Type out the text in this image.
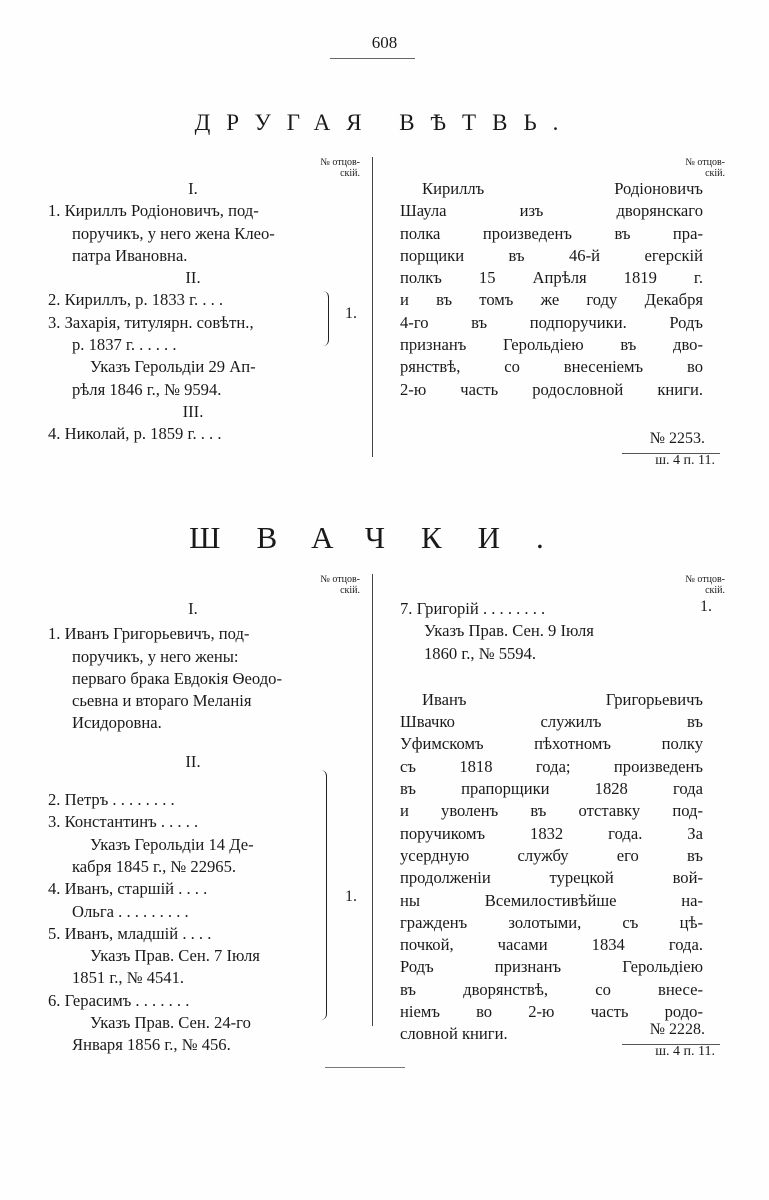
608
ДРУГАЯ ВѢТВЬ.
№ отцов-
скій.
№ отцов-
скій.
I.
1. Кириллъ Родіоновичъ, под-
поручикъ, у него жена Клео-
патра Ивановна.
II.
2. Кириллъ, р. 1833 г. . . .
3. Захарія, титулярн. совѣтн.,
р. 1837 г. . . . . .
Указъ Герольдіи 29 Ап-
рѣля 1846 г., № 9594.
III.
4. Николай, р. 1859 г. . . .
1.
Кириллъ Родіоновичъ
Шаула изъ дворянскаго
полка произведенъ въ пра-
порщики въ 46-й егерскій
полкъ 15 Апрѣля 1819 г.
и въ томъ же году Декабря
4-го въ подпоручики. Родъ
признанъ Герольдіею въ дво-
рянствѣ, со внесеніемъ во
2-ю часть родословной книги.
№ 2253.
ш. 4 п. 11.
ШВАЧКИ.
№ отцов-
скій.
№ отцов-
скій.
I.
1. Иванъ Григорьевичъ, под-
поручикъ, у него жены:
перваго брака Евдокія Ѳеодо-
сьевна и втораго Меланія
Исидоровна.
II.
2. Петръ . . . . . . . .
3. Константинъ . . . . .
Указъ Герольдіи 14 Де-
кабря 1845 г., № 22965.
4. Иванъ, старшій . . . .
Ольга . . . . . . . . .
5. Иванъ, младшій . . . .
Указъ Прав. Сен. 7 Іюля
1851 г., № 4541.
6. Герасимъ . . . . . . .
Указъ Прав. Сен. 24-го
Января 1856 г., № 456.
1.
7. Григорій . . . . . . . .
Указъ Прав. Сен. 9 Іюля
1860 г., № 5594.
Иванъ Григорьевичъ
Швачко служилъ въ
Уфимскомъ пѣхотномъ полку
съ 1818 года; произведенъ
въ прапорщики 1828 года
и уволенъ въ отставку под-
поручикомъ 1832 года. За
усердную службу его въ
продолженіи турецкой вой-
ны Всемилостивѣйше на-
гражденъ золотыми, съ цѣ-
почкой, часами 1834 года.
Родъ признанъ Герольдіею
въ дворянствѣ, со внесе-
ніемъ во 2-ю часть родо-
словной книги.
1.
№ 2228.
ш. 4 п. 11.
